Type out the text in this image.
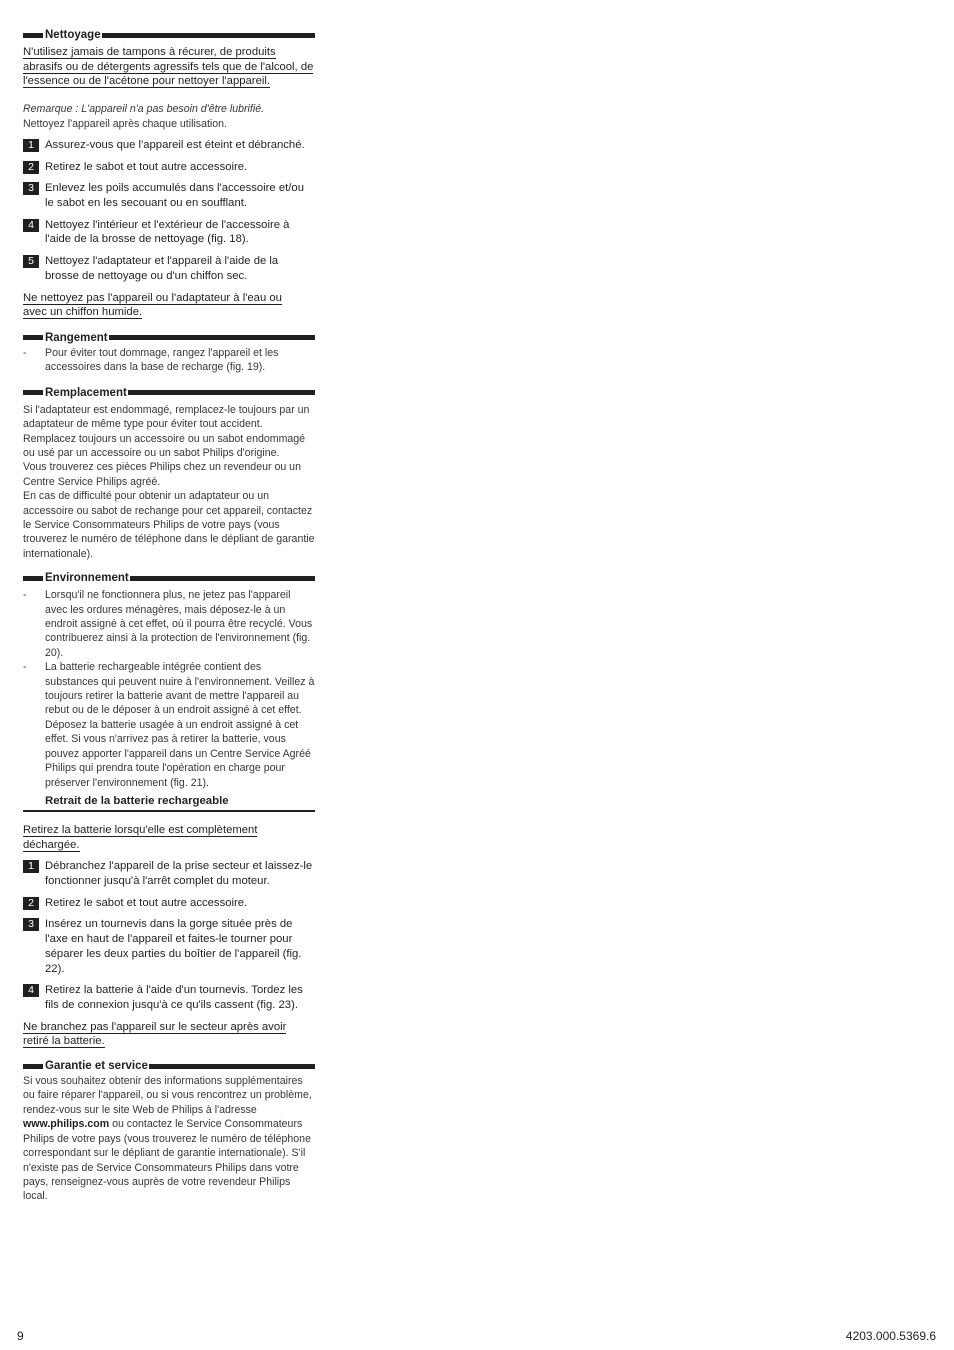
Nettoyage

N'utilisez jamais de tampons à récurer, de produits abrasifs ou de détergents agressifs tels que de l'alcool, de l'essence ou de l'acétone pour nettoyer l'appareil.

Remarque : L'appareil n'a pas besoin d'être lubrifié.

Nettoyez l'appareil après chaque utilisation.

1 Assurez-vous que l'appareil est éteint et débranché.
2 Retirez le sabot et tout autre accessoire.
3 Enlevez les poils accumulés dans l'accessoire et/ou le sabot en les secouant ou en soufflant.
4 Nettoyez l'intérieur et l'extérieur de l'accessoire à l'aide de la brosse de nettoyage (fig. 18).
5 Nettoyez l'adaptateur et l'appareil à l'aide de la brosse de nettoyage ou d'un chiffon sec.

Ne nettoyez pas l'appareil ou l'adaptateur à l'eau ou avec un chiffon humide.

Rangement
-	Pour éviter tout dommage, rangez l'appareil et les accessoires dans la base de recharge (fig. 19).
Remplacement

Si l'adaptateur est endommagé, remplacez-le toujours par un adaptateur de même type pour éviter tout accident.

Remplacez toujours un accessoire ou un sabot endommagé ou usé par un accessoire ou un sabot Philips d'origine.

Vous trouverez ces pièces Philips chez un revendeur ou un Centre Service Philips agréé.

En cas de difficulté pour obtenir un adaptateur ou un accessoire ou sabot de rechange pour cet appareil, contactez le Service Consommateurs Philips de votre pays (vous trouverez le numéro de téléphone dans le dépliant de garantie internationale).

Environnement
-	Lorsqu'il ne fonctionnera plus, ne jetez pas l'appareil avec les ordures ménagères, mais déposez-le à un endroit assigné à cet effet, où il pourra être recyclé. Vous contribuerez ainsi à la protection de l'environnement (fig. 20).
-	La batterie rechargeable intégrée contient des substances qui peuvent nuire à l'environnement. Veillez à toujours retirer la batterie avant de mettre l'appareil au rebut ou de le déposer à un endroit assigné à cet effet. Déposez la batterie usagée à un endroit assigné à cet effet. Si vous n'arrivez pas à retirer la batterie, vous pouvez apporter l'appareil dans un Centre Service Agréé Philips qui prendra toute l'opération en charge pour préserver l'environnement (fig. 21).
Retrait de la batterie rechargeable

Retirez la batterie lorsqu'elle est complètement déchargée.

1 Débranchez l'appareil de la prise secteur et laissez-le fonctionner jusqu'à l'arrêt complet du moteur.
2 Retirez le sabot et tout autre accessoire.
3 Insérez un tournevis dans la gorge située près de l'axe en haut de l'appareil et faites-le tourner pour séparer les deux parties du boîtier de l'appareil (fig. 22).
4 Retirez la batterie à l'aide d'un tournevis. Tordez les fils de connexion jusqu'à ce qu'ils cassent (fig. 23).

Ne branchez pas l'appareil sur le secteur après avoir retiré la batterie.

Garantie et service

Si vous souhaitez obtenir des informations supplémentaires ou faire réparer l'appareil, ou si vous rencontrez un problème, rendez-vous sur le site Web de Philips à l'adresse www.philips.com ou contactez le Service Consommateurs Philips de votre pays (vous trouverez le numéro de téléphone correspondant sur le dépliant de garantie internationale). S'il n'existe pas de Service Consommateurs Philips dans votre pays, renseignez-vous auprès de votre revendeur Philips local.

9	4203.000.5369.6
